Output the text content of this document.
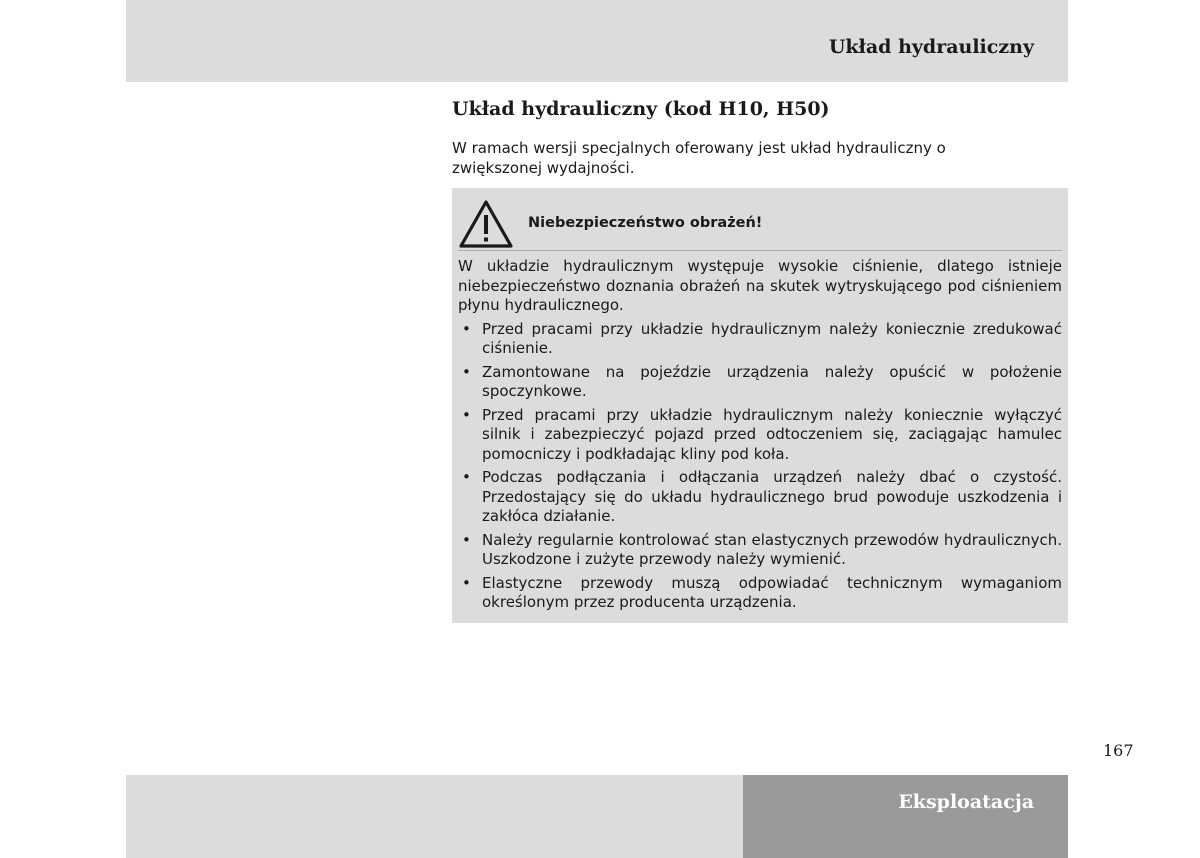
Układ hydrauliczny
Układ hydrauliczny (kod H10, H50)

W ramach wersji specjalnych oferowany jest układ hydrauliczny o zwiększonej wydajności.

Niebezpieczeństwo obrażeń!

W układzie hydraulicznym występuje wysokie ciśnienie, dlatego istnieje niebezpieczeństwo doznania obrażeń na skutek wytryskującego pod ciśnieniem płynu hydraulicznego.

• Przed pracami przy układzie hydraulicznym należy koniecznie zredukować ciśnienie.
• Zamontowane na pojeździe urządzenia należy opuścić w położenie spoczynkowe.
• Przed pracami przy układzie hydraulicznym należy koniecznie wyłączyć silnik i zabezpieczyć pojazd przed odtoczeniem się, zaciągając hamulec pomocniczy i podkładając kliny pod koła.
• Podczas podłączania i odłączania urządzeń należy dbać o czystość. Przedostający się do układu hydraulicznego brud powoduje uszkodzenia i zakłóca działanie.
• Należy regularnie kontrolować stan elastycznych przewodów hydraulicznych. Uszkodzone i zużyte przewody należy wymienić.
• Elastyczne przewody muszą odpowiadać technicznym wymaganiom określonym przez producenta urządzenia.
167
Eksploatacja
